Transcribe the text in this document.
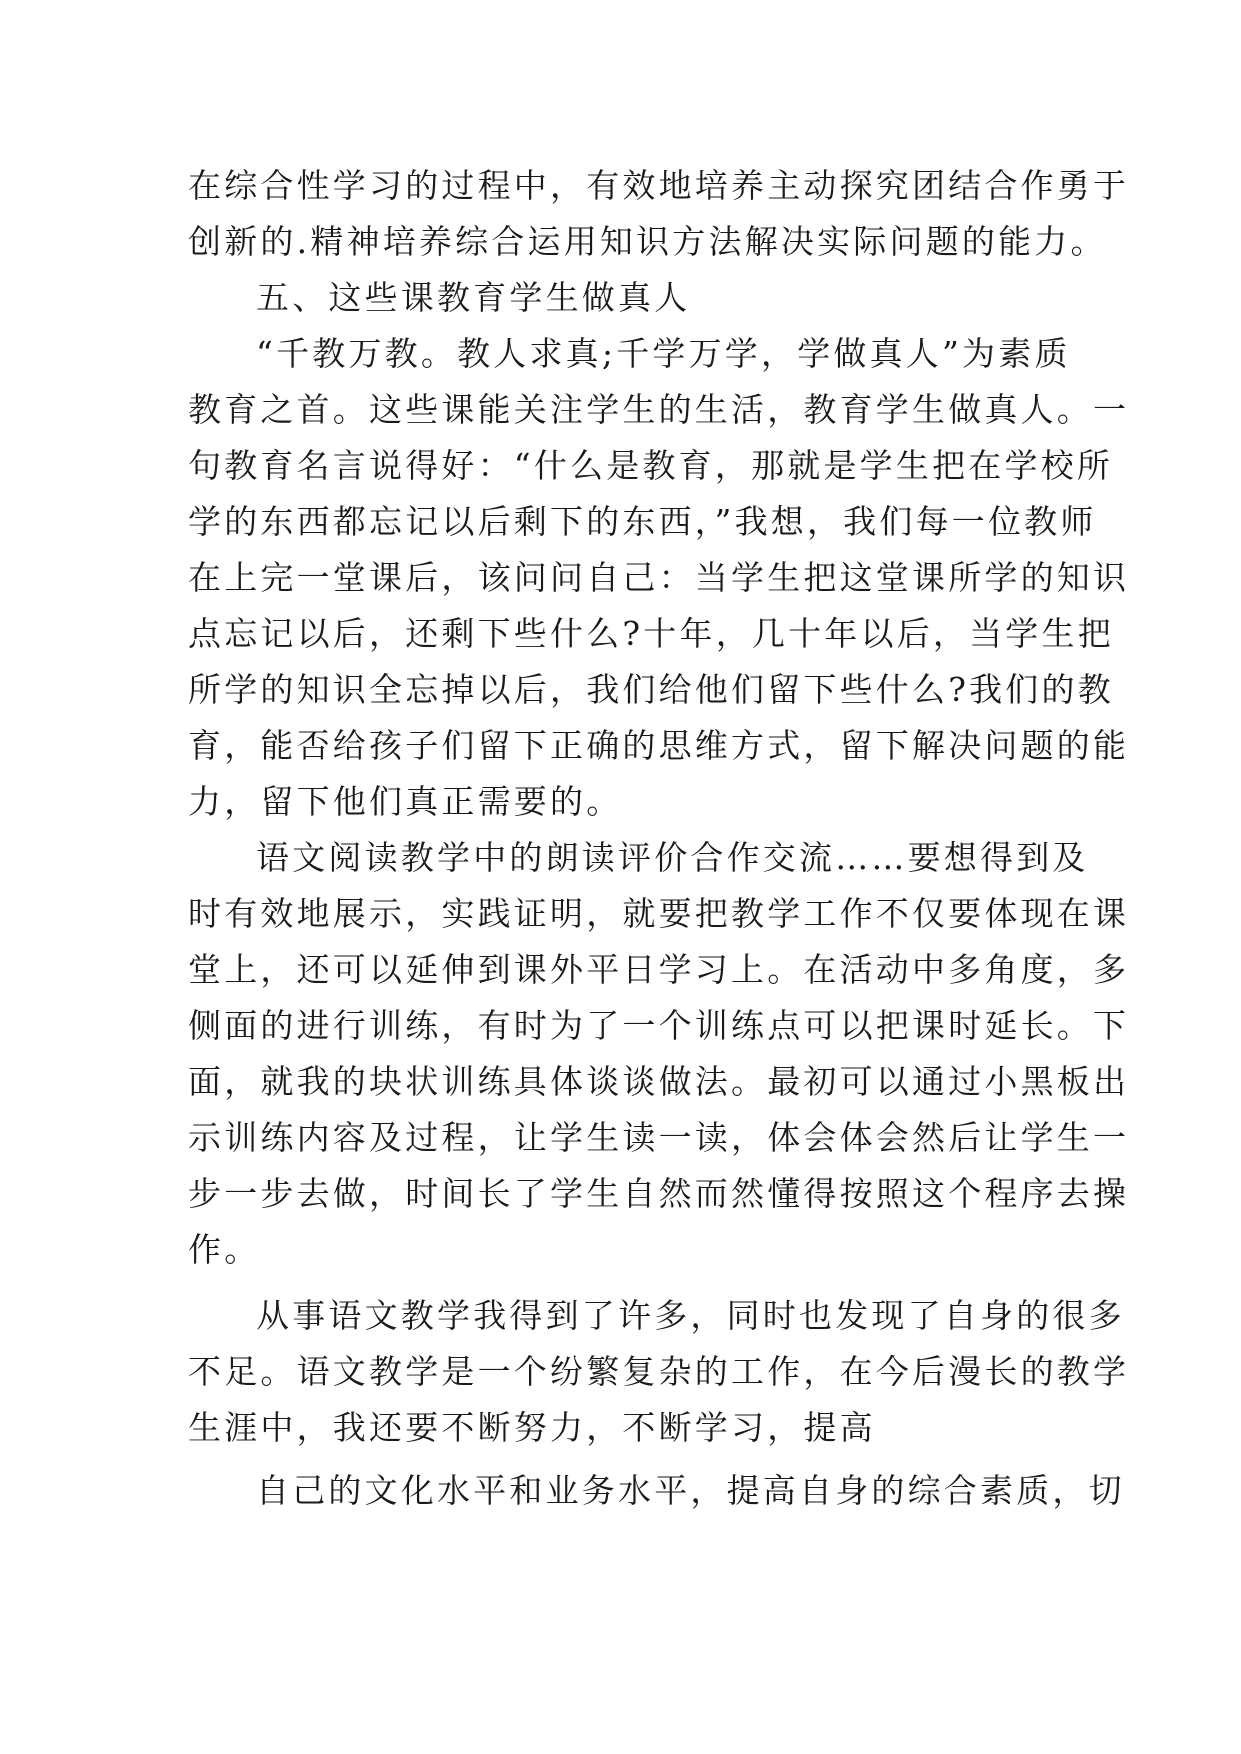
在综合性学习的过程中，有效地培养主动探究团结合作勇于
创新的.精神培养综合运用知识方法解决实际问题的能力。
五、这些课教育学生做真人
“千教万教。教人求真;千学万学，学做真人”为素质
教育之首。这些课能关注学生的生活，教育学生做真人。一
句教育名言说得好：“什么是教育，那就是学生把在学校所
学的东西都忘记以后剩下的东西，”我想，我们每一位教师
在上完一堂课后，该问问自己：当学生把这堂课所学的知识
点忘记以后，还剩下些什么?十年，几十年以后，当学生把
所学的知识全忘掉以后，我们给他们留下些什么?我们的教
育，能否给孩子们留下正确的思维方式，留下解决问题的能
力，留下他们真正需要的。
语文阅读教学中的朗读评价合作交流……要想得到及
时有效地展示，实践证明，就要把教学工作不仅要体现在课
堂上，还可以延伸到课外平日学习上。在活动中多角度，多
侧面的进行训练，有时为了一个训练点可以把课时延长。下
面，就我的块状训练具体谈谈做法。最初可以通过小黑板出
示训练内容及过程，让学生读一读，体会体会然后让学生一
步一步去做，时间长了学生自然而然懂得按照这个程序去操
作。
从事语文教学我得到了许多，同时也发现了自身的很多
不足。语文教学是一个纷繁复杂的工作，在今后漫长的教学
生涯中，我还要不断努力，不断学习，提高
自己的文化水平和业务水平，提高自身的综合素质，切
